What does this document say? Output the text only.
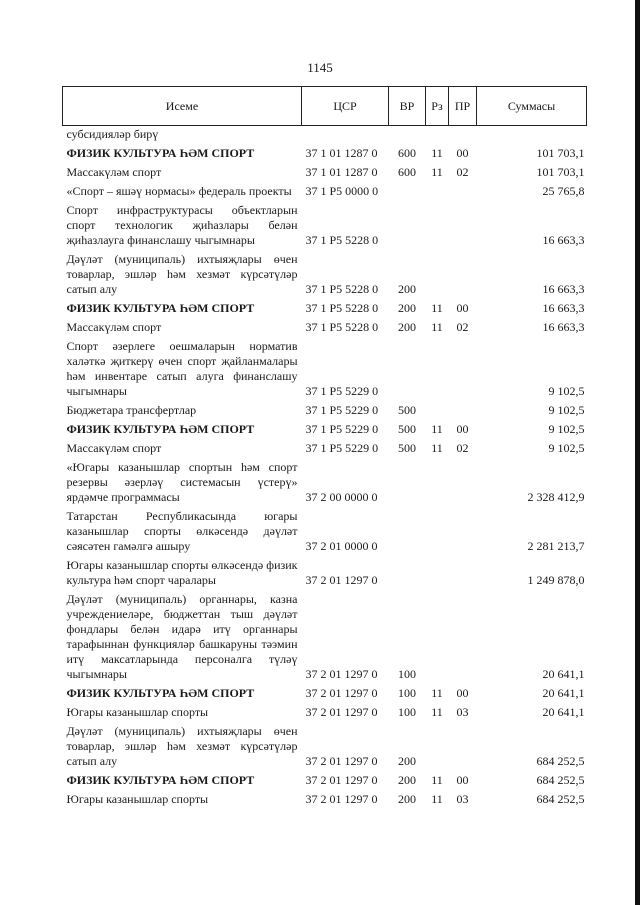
1145
Исеме	ЦСР	ВР	Рз	ПР	Суммасы
субсидияләр бирү					
ФИЗИК КУЛЬТУРА ҺӘМ СПОРТ	37 1 01 1287 0	600	11	00	101 703,1
Массакүләм спорт	37 1 01 1287 0	600	11	02	101 703,1
«Спорт – яшәү нормасы» федераль проекты	37 1 P5 0000 0				25 765,8
Спорт инфраструктурасы объектларын спорт технологик җиһазлары белән җиһазлауга финанслашу чыгымнары	37 1 P5 5228 0				16 663,3
Дәүләт (муниципаль) ихтыяҗлары өчен товарлар, эшләр һәм хезмәт күрсәтүләр сатып алу	37 1 P5 5228 0	200			16 663,3
ФИЗИК КУЛЬТУРА ҺӘМ СПОРТ	37 1 P5 5228 0	200	11	00	16 663,3
Массакүләм спорт	37 1 P5 5228 0	200	11	02	16 663,3
Спорт әзерлеге оешмаларын норматив халәткә җиткерү өчен спорт җайланмалары һәм инвентаре сатып алуга финанслашу чыгымнары	37 1 P5 5229 0				9 102,5
Бюджетара трансфертлар	37 1 P5 5229 0	500			9 102,5
ФИЗИК КУЛЬТУРА ҺӘМ СПОРТ	37 1 P5 5229 0	500	11	00	9 102,5
Массакүләм спорт	37 1 P5 5229 0	500	11	02	9 102,5
«Югары казанышлар спортын һәм спорт резервы әзерләү системасын үстерү» ярдәмче программасы	37 2 00 0000 0				2 328 412,9
Татарстан Республикасында югары казанышлар спорты өлкәсендә дәүләт сәясәтен гамәлгә ашыру	37 2 01 0000 0				2 281 213,7
Югары казанышлар спорты өлкәсендә физик культура һәм спорт чаралары	37 2 01 1297 0				1 249 878,0
Дәүләт (муниципаль) органнары, казна учреждениеләре, бюджеттан тыш дәүләт фондлары белән идарә итү органнары тарафыннан функцияләр башкаруны тәэмин итү максатларында персоналга түләү чыгымнары	37 2 01 1297 0	100			20 641,1
ФИЗИК КУЛЬТУРА ҺӘМ СПОРТ	37 2 01 1297 0	100	11	00	20 641,1
Югары казанышлар спорты	37 2 01 1297 0	100	11	03	20 641,1
Дәүләт (муниципаль) ихтыяҗлары өчен товарлар, эшләр һәм хезмәт күрсәтүләр сатып алу	37 2 01 1297 0	200			684 252,5
ФИЗИК КУЛЬТУРА ҺӘМ СПОРТ	37 2 01 1297 0	200	11	00	684 252,5
Югары казанышлар спорты	37 2 01 1297 0	200	11	03	684 252,5
